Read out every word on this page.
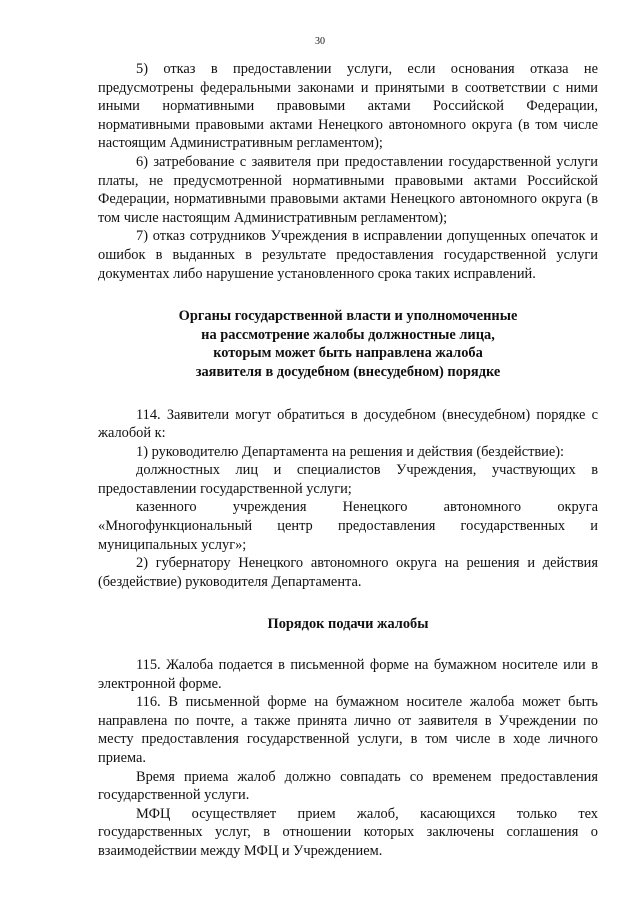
30

5) отказ в предоставлении услуги, если основания отказа не предусмотрены федеральными законами и принятыми в соответствии с ними иными нормативными правовыми актами Российской Федерации, нормативными правовыми актами Ненецкого автономного округа (в том числе настоящим Административным регламентом);

6) затребование с заявителя при предоставлении государственной услуги платы, не предусмотренной нормативными правовыми актами Российской Федерации, нормативными правовыми актами Ненецкого автономного округа (в том числе настоящим Административным регламентом);

7) отказ сотрудников Учреждения в исправлении допущенных опечаток и ошибок в выданных в результате предоставления государственной услуги документах либо нарушение установленного срока таких исправлений.

Органы государственной власти и уполномоченные
на рассмотрение жалобы должностные лица,
которым может быть направлена жалоба
заявителя в досудебном (внесудебном) порядке

114. Заявители могут обратиться в досудебном (внесудебном) порядке с жалобой к:

1) руководителю Департамента на решения и действия (бездействие):

должностных лиц и специалистов Учреждения, участвующих в предоставлении государственной услуги;

казенного учреждения Ненецкого автономного округа «Многофункциональный центр предоставления государственных и муниципальных услуг»;

2) губернатору Ненецкого автономного округа на решения и действия (бездействие) руководителя Департамента.

Порядок подачи жалобы

115. Жалоба подается в письменной форме на бумажном носителе или в электронной форме.

116. В письменной форме на бумажном носителе жалоба может быть направлена по почте, а также принята лично от заявителя в Учреждении по месту предоставления государственной услуги, в том числе в ходе личного приема.

Время приема жалоб должно совпадать со временем предоставления государственной услуги.

МФЦ осуществляет прием жалоб, касающихся только тех государственных услуг, в отношении которых заключены соглашения о взаимодействии между МФЦ и Учреждением.
